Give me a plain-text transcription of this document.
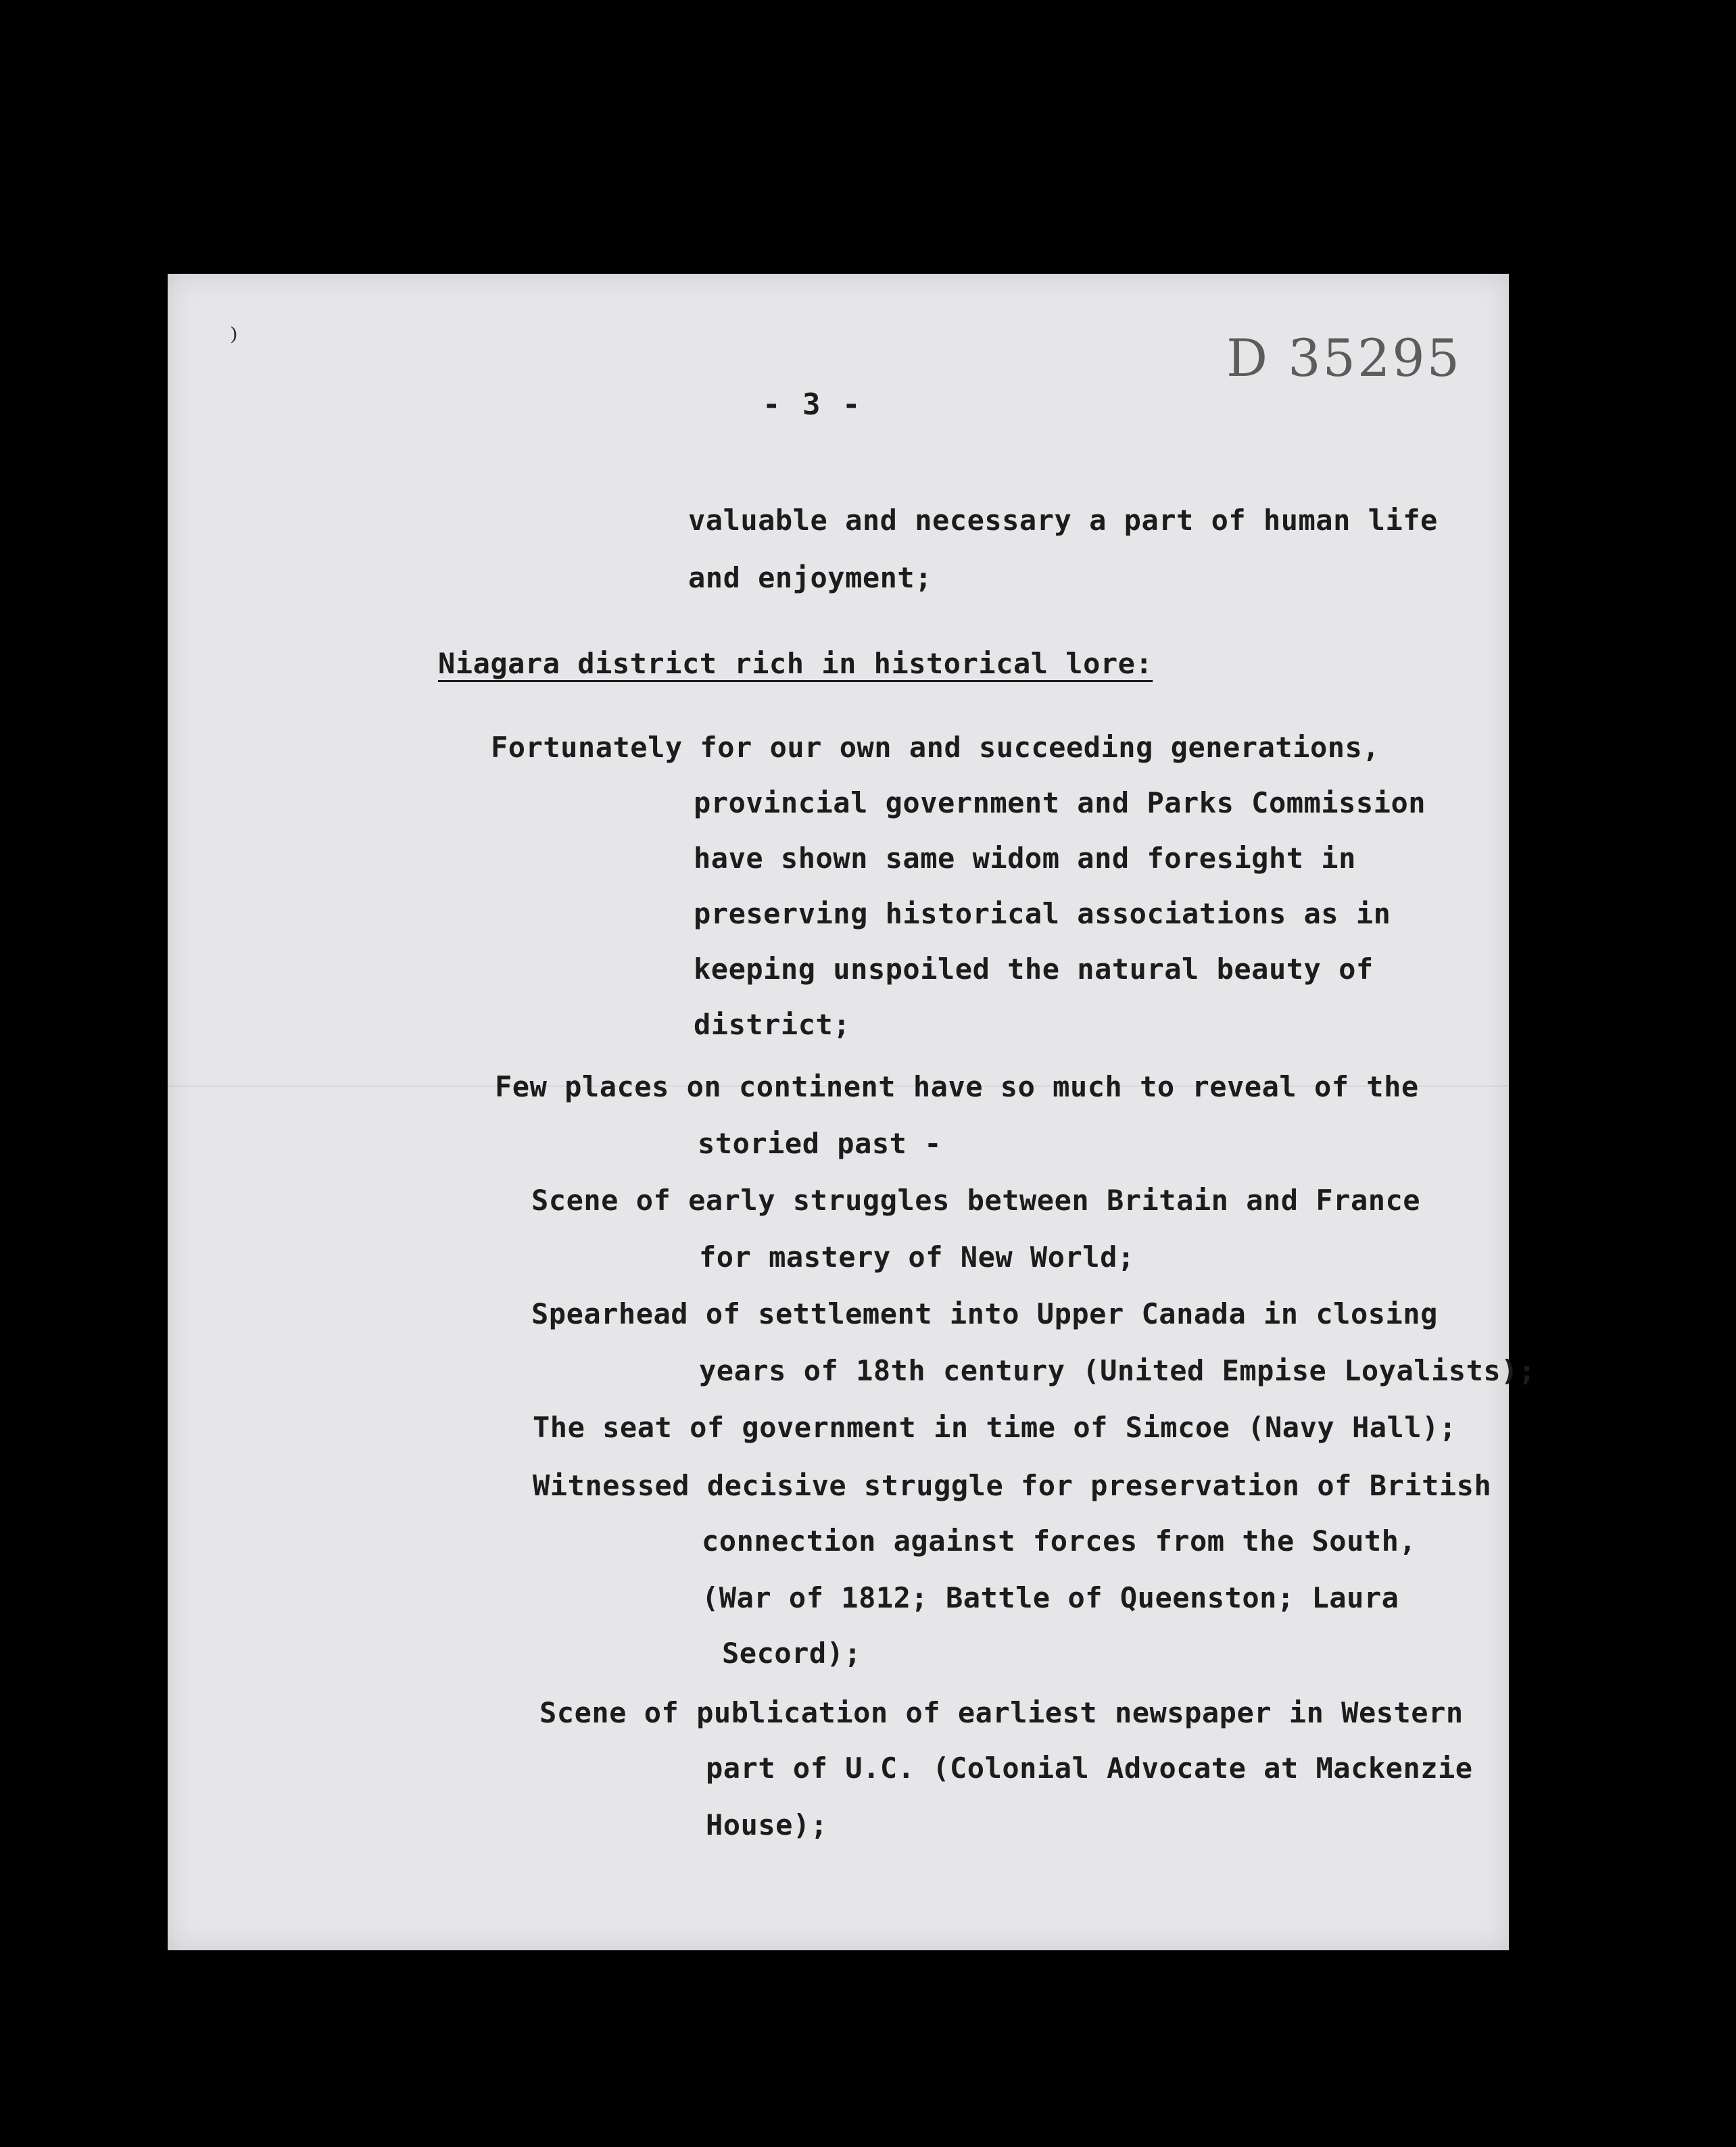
⁾	D 35295
- 3 -
valuable and necessary a part of human life
and enjoyment;
Niagara district rich in historical lore:
Fortunately for our own and succeeding generations,
provincial government and Parks Commission
have shown same widom and foresight in
preserving historical associations as in
keeping unspoiled the natural beauty of
district;
Few places on continent have so much to reveal of the
storied past -
Scene of early struggles between Britain and France
for mastery of New World;
Spearhead of settlement into Upper Canada in closing
years of 18th century (United Empise Loyalists);
The seat of government in time of Simcoe (Navy Hall);
Witnessed decisive struggle for preservation of British
connection against forces from the South,
(War of 1812; Battle of Queenston; Laura
Secord);
Scene of publication of earliest newspaper in Western
part of U.C. (Colonial Advocate at Mackenzie
House);
